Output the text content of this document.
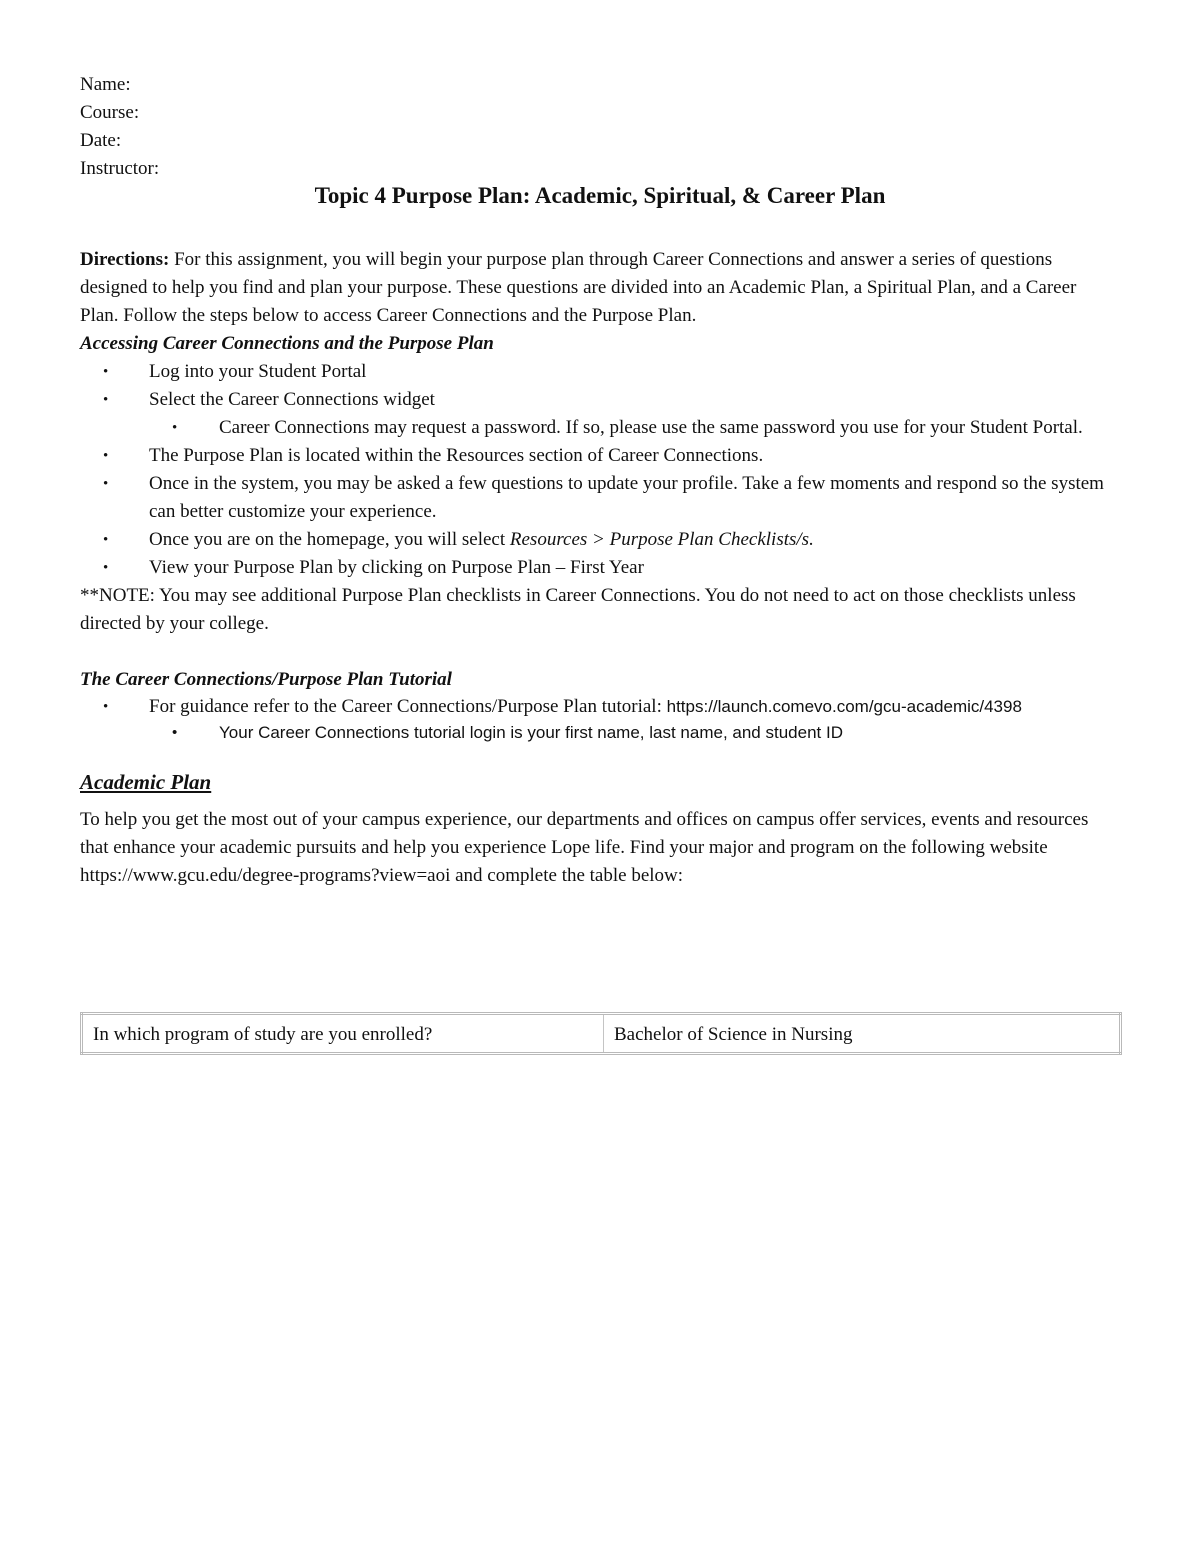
Name:
Course:
Date:
Instructor:
Topic 4 Purpose Plan: Academic, Spiritual, & Career Plan
Directions: For this assignment, you will begin your purpose plan through Career Connections and answer a series of questions designed to help you find and plan your purpose. These questions are divided into an Academic Plan, a Spiritual Plan, and a Career Plan. Follow the steps below to access Career Connections and the Purpose Plan.
Accessing Career Connections and the Purpose Plan
• Log into your Student Portal
• Select the Career Connections widget
• Career Connections may request a password. If so, please use the same password you use for your Student Portal.
• The Purpose Plan is located within the Resources section of Career Connections.
• Once in the system, you may be asked a few questions to update your profile. Take a few moments and respond so the system can better customize your experience.
• Once you are on the homepage, you will select Resources > Purpose Plan Checklists/s.
• View your Purpose Plan by clicking on Purpose Plan – First Year
**NOTE: You may see additional Purpose Plan checklists in Career Connections. You do not need to act on those checklists unless directed by your college.
The Career Connections/Purpose Plan Tutorial
• For guidance refer to the Career Connections/Purpose Plan tutorial: https://launch.comevo.com/gcu-academic/4398
• Your Career Connections tutorial login is your first name, last name, and student ID
Academic Plan
To help you get the most out of your campus experience, our departments and offices on campus offer services, events and resources that enhance your academic pursuits and help you experience Lope life. Find your major and program on the following website https://www.gcu.edu/degree-programs?view=aoi and complete the table below:
In which program of study are you enrolled?	Bachelor of Science in Nursing
